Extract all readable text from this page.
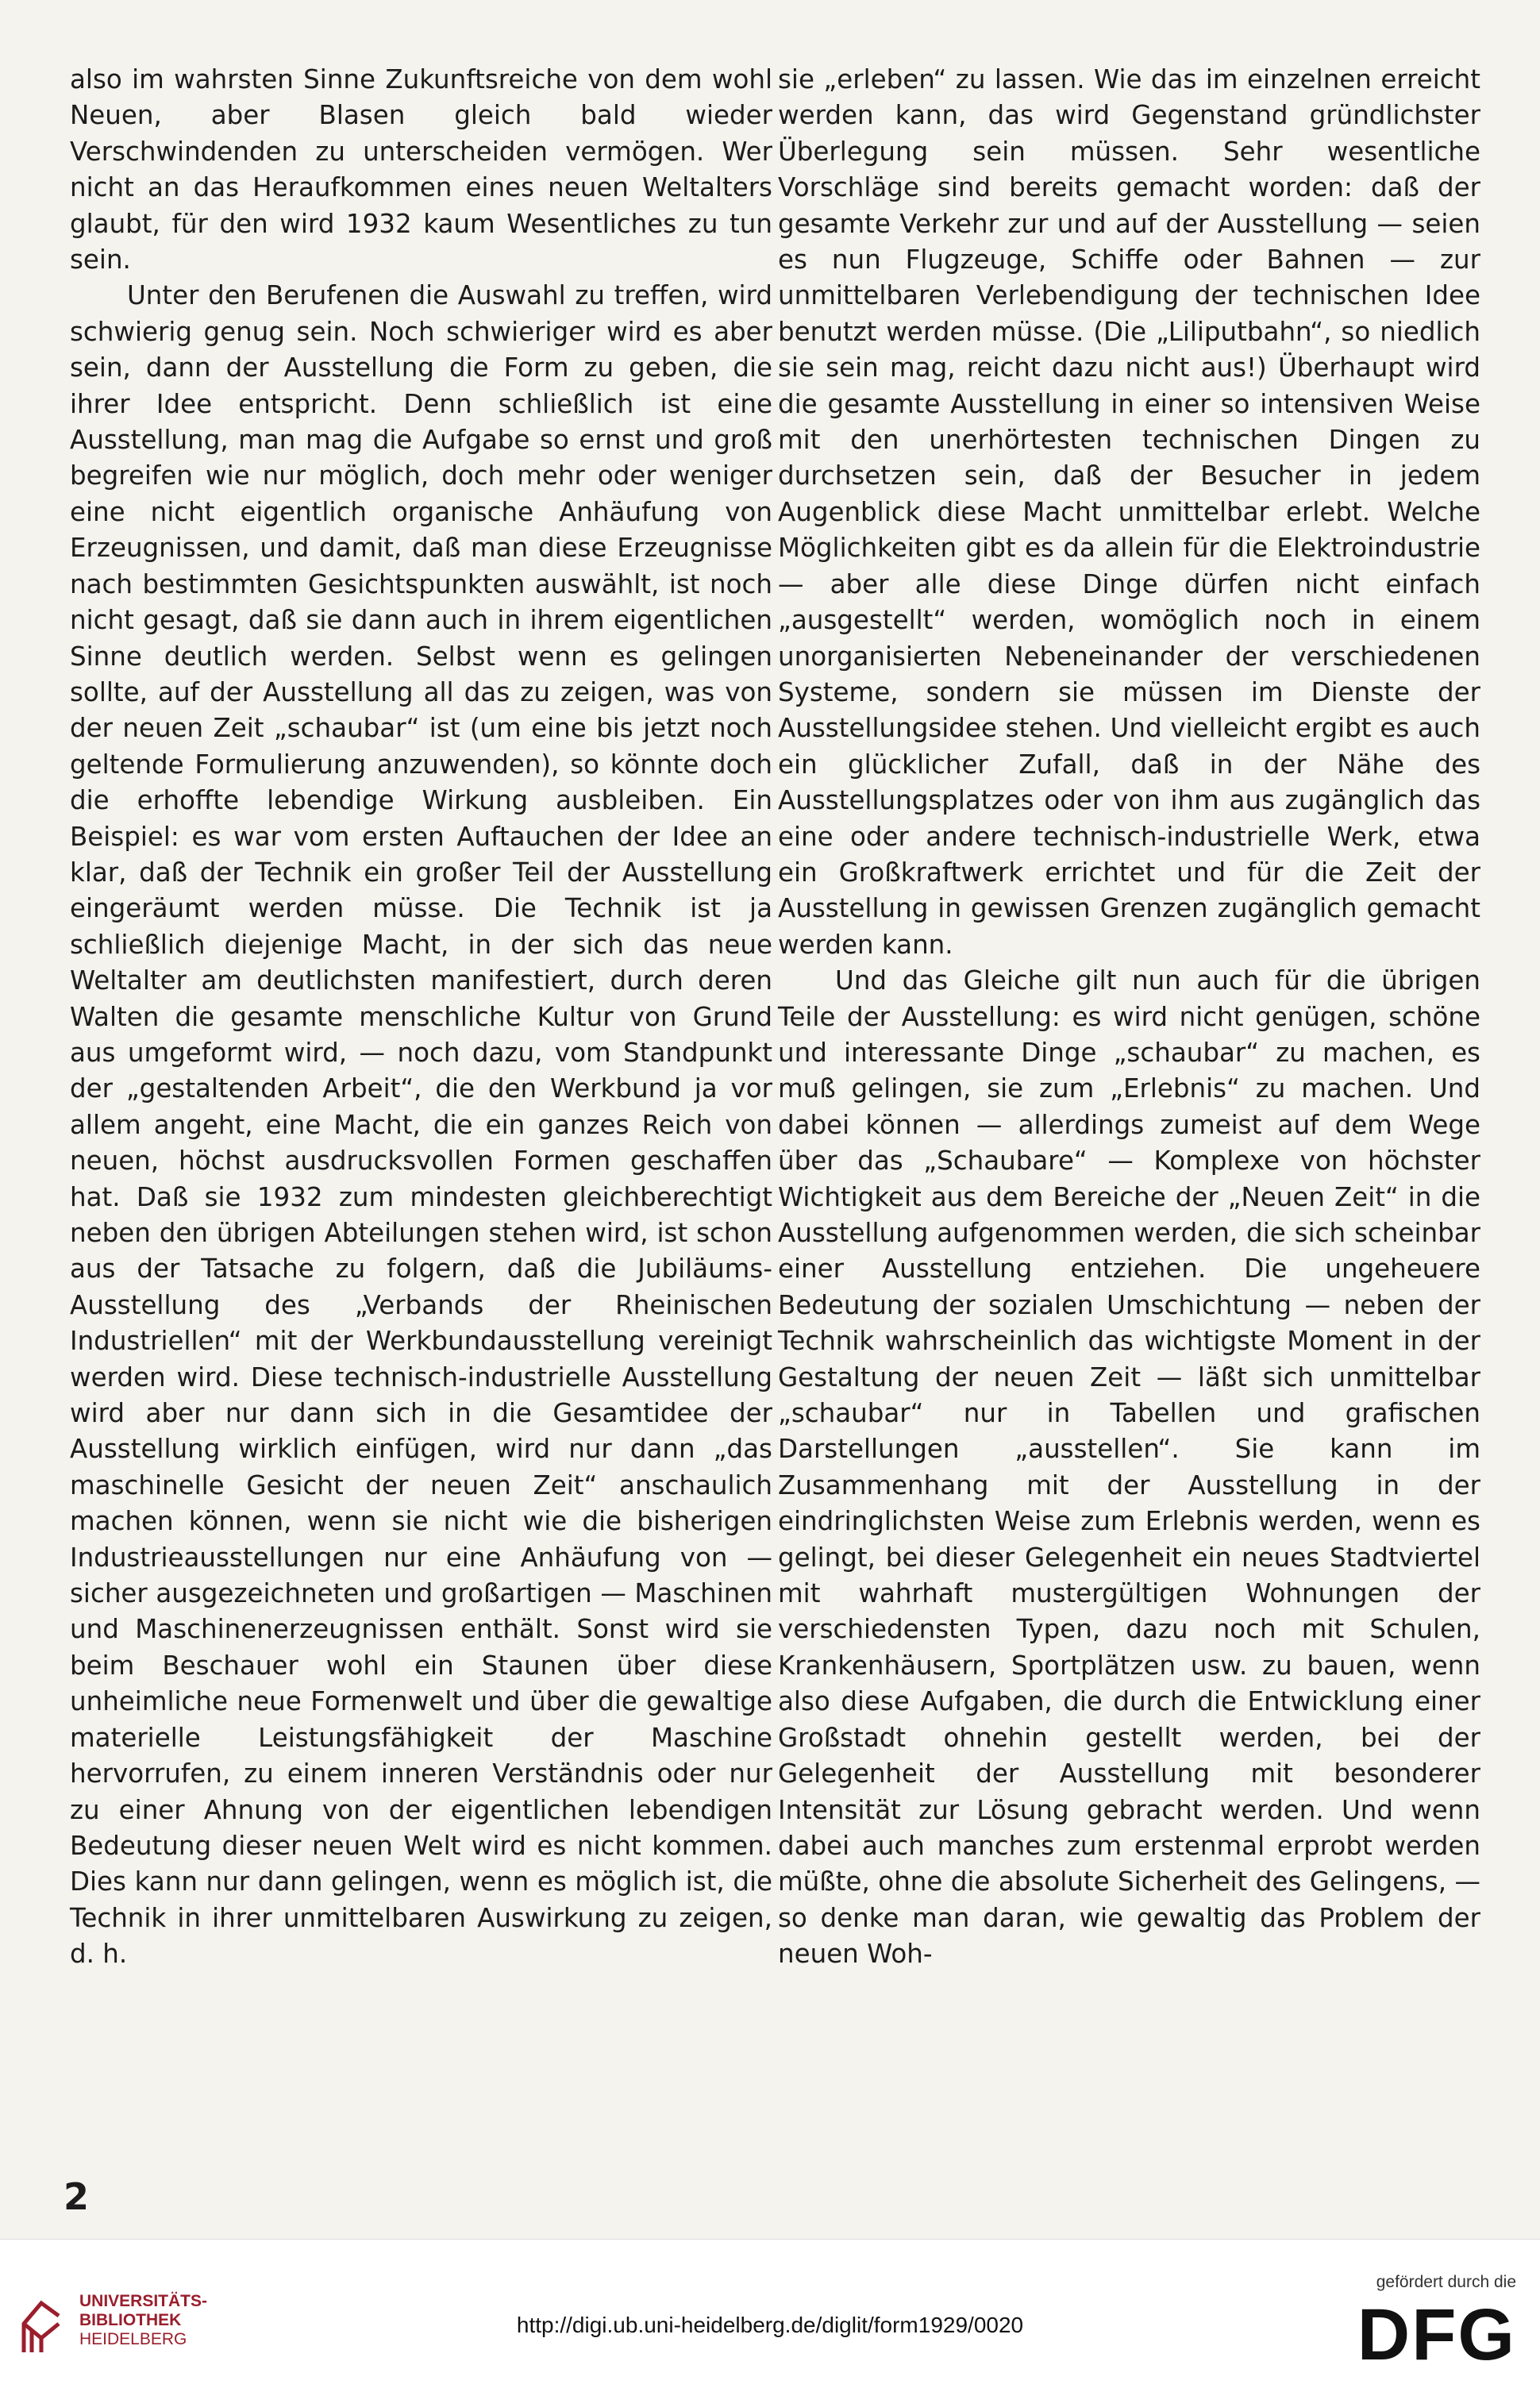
also im wahrsten Sinne Zukunftsreiche von dem wohl Neuen, aber Blasen gleich bald wieder Verschwindenden zu unterscheiden vermögen. Wer nicht an das Heraufkommen eines neuen Weltalters glaubt, für den wird 1932 kaum Wesentliches zu tun sein.

Unter den Berufenen die Auswahl zu treffen, wird schwierig genug sein. Noch schwieriger wird es aber sein, dann der Ausstellung die Form zu geben, die ihrer Idee entspricht. Denn schließlich ist eine Ausstellung, man mag die Aufgabe so ernst und groß begreifen wie nur möglich, doch mehr oder weniger eine nicht eigentlich organische Anhäufung von Erzeugnissen, und damit, daß man diese Erzeugnisse nach bestimmten Gesichtspunkten auswählt, ist noch nicht gesagt, daß sie dann auch in ihrem eigentlichen Sinne deutlich werden. Selbst wenn es gelingen sollte, auf der Ausstellung all das zu zeigen, was von der neuen Zeit „schaubar“ ist (um eine bis jetzt noch geltende Formulierung anzuwenden), so könnte doch die erhoffte lebendige Wirkung ausbleiben. Ein Beispiel: es war vom ersten Auftauchen der Idee an klar, daß der Technik ein großer Teil der Ausstellung eingeräumt werden müsse. Die Technik ist ja schließlich diejenige Macht, in der sich das neue Weltalter am deutlichsten manifestiert, durch deren Walten die gesamte menschliche Kultur von Grund aus umgeformt wird, — noch dazu, vom Standpunkt der „gestaltenden Arbeit“, die den Werkbund ja vor allem angeht, eine Macht, die ein ganzes Reich von neuen, höchst ausdrucksvollen Formen geschaffen hat. Daß sie 1932 zum mindesten gleichberechtigt neben den übrigen Abteilungen stehen wird, ist schon aus der Tatsache zu folgern, daß die Jubiläums-Ausstellung des „Verbands der Rheinischen Industriellen“ mit der Werkbundausstellung vereinigt werden wird. Diese technisch-industrielle Ausstellung wird aber nur dann sich in die Gesamtidee der Ausstellung wirklich einfügen, wird nur dann „das maschinelle Gesicht der neuen Zeit“ anschaulich machen können, wenn sie nicht wie die bisherigen Industrieausstellungen nur eine Anhäufung von — sicher ausgezeichneten und großartigen — Maschinen und Maschinenerzeugnissen enthält. Sonst wird sie beim Beschauer wohl ein Staunen über diese unheimliche neue Formenwelt und über die gewaltige materielle Leistungsfähigkeit der Maschine hervorrufen, zu einem inneren Verständnis oder nur zu einer Ahnung von der eigentlichen lebendigen Bedeutung dieser neuen Welt wird es nicht kommen. Dies kann nur dann gelingen, wenn es möglich ist, die Technik in ihrer unmittelbaren Auswirkung zu zeigen, d. h.

sie „erleben“ zu lassen. Wie das im einzelnen erreicht werden kann, das wird Gegenstand gründlichster Überlegung sein müssen. Sehr wesentliche Vorschläge sind bereits gemacht worden: daß der gesamte Verkehr zur und auf der Ausstellung — seien es nun Flugzeuge, Schiffe oder Bahnen — zur unmittelbaren Verlebendigung der technischen Idee benutzt werden müsse. (Die „Liliputbahn“, so niedlich sie sein mag, reicht dazu nicht aus!) Überhaupt wird die gesamte Ausstellung in einer so intensiven Weise mit den unerhörtesten technischen Dingen zu durchsetzen sein, daß der Besucher in jedem Augenblick diese Macht unmittelbar erlebt. Welche Möglichkeiten gibt es da allein für die Elektroindustrie — aber alle diese Dinge dürfen nicht einfach „ausgestellt“ werden, womöglich noch in einem unorganisierten Nebeneinander der verschiedenen Systeme, sondern sie müssen im Dienste der Ausstellungsidee stehen. Und vielleicht ergibt es auch ein glücklicher Zufall, daß in der Nähe des Ausstellungsplatzes oder von ihm aus zugänglich das eine oder andere technisch-industrielle Werk, etwa ein Großkraftwerk errichtet und für die Zeit der Ausstellung in gewissen Grenzen zugänglich gemacht werden kann.

Und das Gleiche gilt nun auch für die übrigen Teile der Ausstellung: es wird nicht genügen, schöne und interessante Dinge „schaubar“ zu machen, es muß gelingen, sie zum „Erlebnis“ zu machen. Und dabei können — allerdings zumeist auf dem Wege über das „Schaubare“ — Komplexe von höchster Wichtigkeit aus dem Bereiche der „Neuen Zeit“ in die Ausstellung aufgenommen werden, die sich scheinbar einer Ausstellung entziehen. Die ungeheuere Bedeutung der sozialen Umschichtung — neben der Technik wahrscheinlich das wichtigste Moment in der Gestaltung der neuen Zeit — läßt sich unmittelbar „schaubar“ nur in Tabellen und grafischen Darstellungen „ausstellen“. Sie kann im Zusammenhang mit der Ausstellung in der eindringlichsten Weise zum Erlebnis werden, wenn es gelingt, bei dieser Gelegenheit ein neues Stadtviertel mit wahrhaft mustergültigen Wohnungen der verschiedensten Typen, dazu noch mit Schulen, Krankenhäusern, Sportplätzen usw. zu bauen, wenn also diese Aufgaben, die durch die Entwicklung einer Großstadt ohnehin gestellt werden, bei der Gelegenheit der Ausstellung mit besonderer Intensität zur Lösung gebracht werden. Und wenn dabei auch manches zum erstenmal erprobt werden müßte, ohne die absolute Sicherheit des Gelingens, — so denke man daran, wie gewaltig das Problem der neuen Woh-

2
UNIVERSITÄTS-
BIBLIOTHEK
HEIDELBERG
http://digi.ub.uni-heidelberg.de/diglit/form1929/0020
gefördert durch die
DFG
